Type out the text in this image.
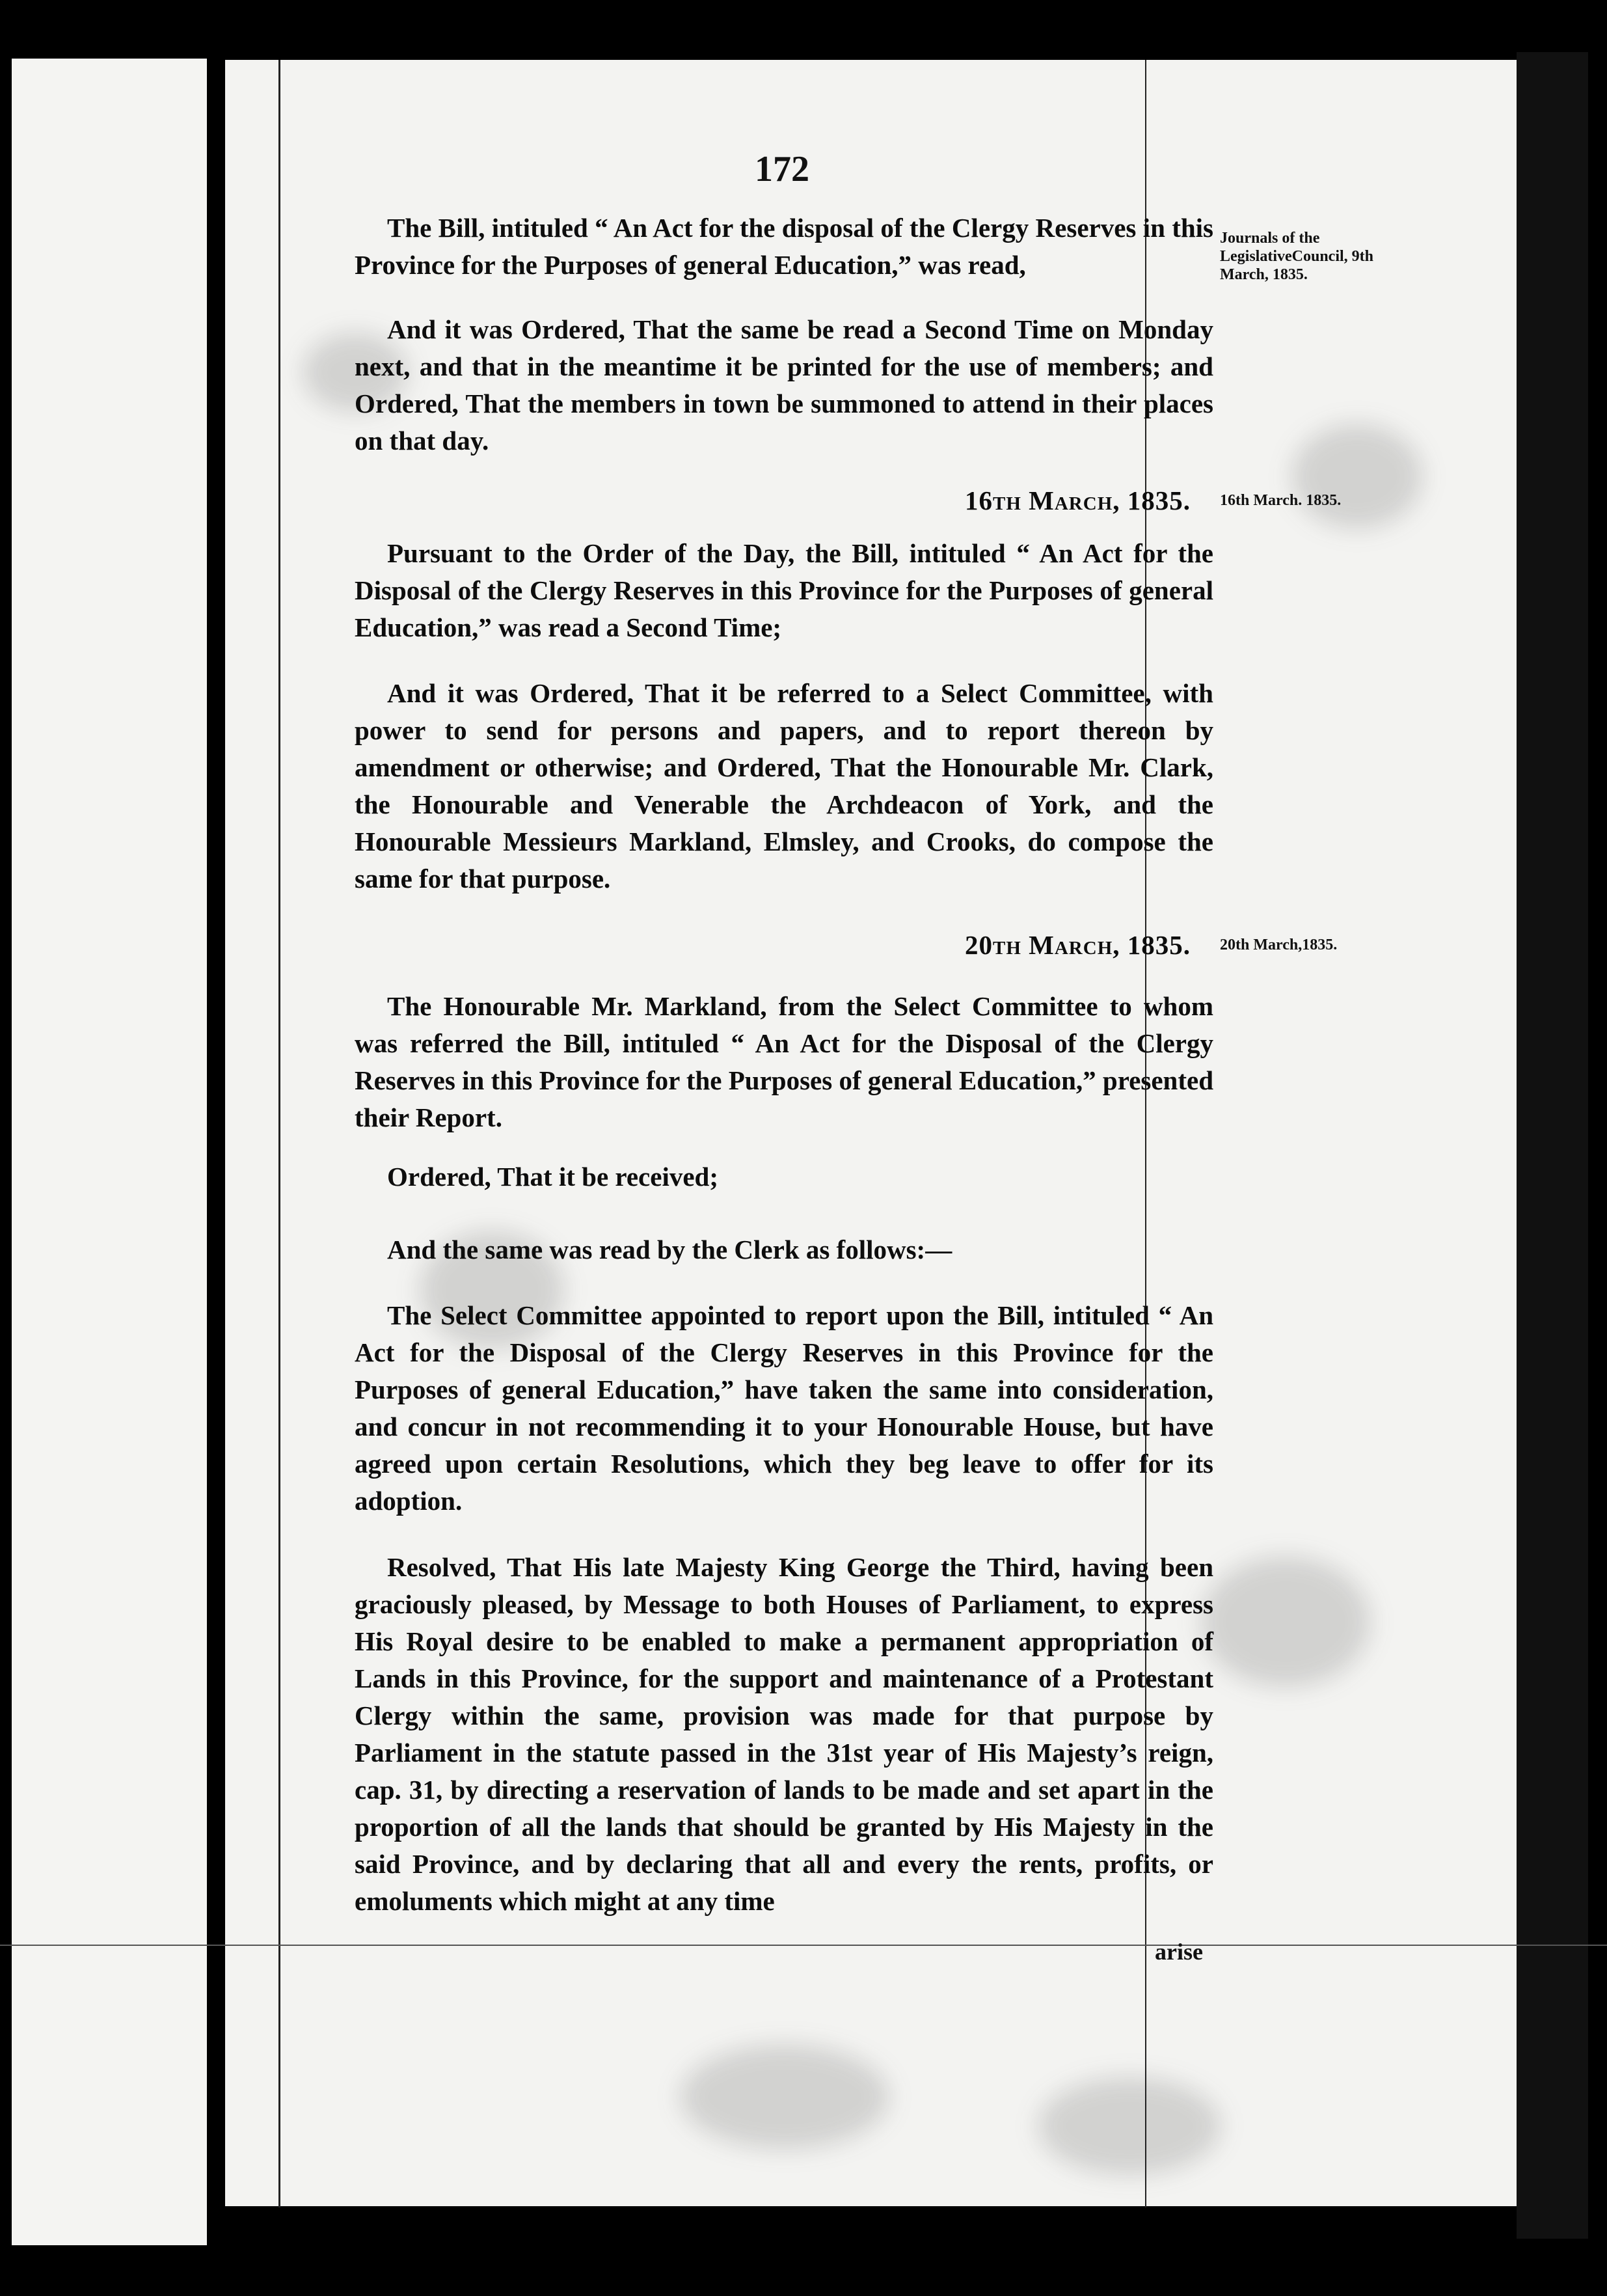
172
Journals of the LegislativeCouncil, 9th March, 1835.
16th March. 1835.
20th March,1835.

The Bill, intituled “ An Act for the disposal of the Clergy Reserves in this Province for the Purposes of general Education,” was read,

And it was Ordered, That the same be read a Second Time on Monday next, and that in the meantime it be printed for the use of members; and Ordered, That the members in town be summoned to attend in their places on that day.

16th March, 1835.

Pursuant to the Order of the Day, the Bill, intituled “ An Act for the Disposal of the Clergy Reserves in this Province for the Purposes of general Education,” was read a Second Time;

And it was Ordered, That it be referred to a Select Committee, with power to send for persons and papers, and to report thereon by amendment or otherwise; and Ordered, That the Honourable Mr. Clark, the Honourable and Venerable the Archdeacon of York, and the Honourable Messieurs Markland, Elmsley, and Crooks, do compose the same for that purpose.

20th March, 1835.

The Honourable Mr. Markland, from the Select Committee to whom was referred the Bill, intituled “ An Act for the Disposal of the Clergy Reserves in this Province for the Purposes of general Education,” presented their Report.

Ordered, That it be received;

And the same was read by the Clerk as follows:—

The Select Committee appointed to report upon the Bill, intituled “ An Act for the Disposal of the Clergy Reserves in this Province for the Purposes of general Education,” have taken the same into consideration, and concur in not recommending it to your Honourable House, but have agreed upon certain Resolutions, which they beg leave to offer for its adoption.

Resolved, That His late Majesty King George the Third, having been graciously pleased, by Message to both Houses of Parliament, to express His Royal desire to be enabled to make a permanent appropriation of Lands in this Province, for the support and maintenance of a Protestant Clergy within the same, provision was made for that purpose by Parliament in the statute passed in the 31st year of His Majesty’s reign, cap. 31, by directing a reservation of lands to be made and set apart in the proportion of all the lands that should be granted by His Majesty in the said Province, and by declaring that all and every the rents, profits, or emoluments which might at any time

arise
